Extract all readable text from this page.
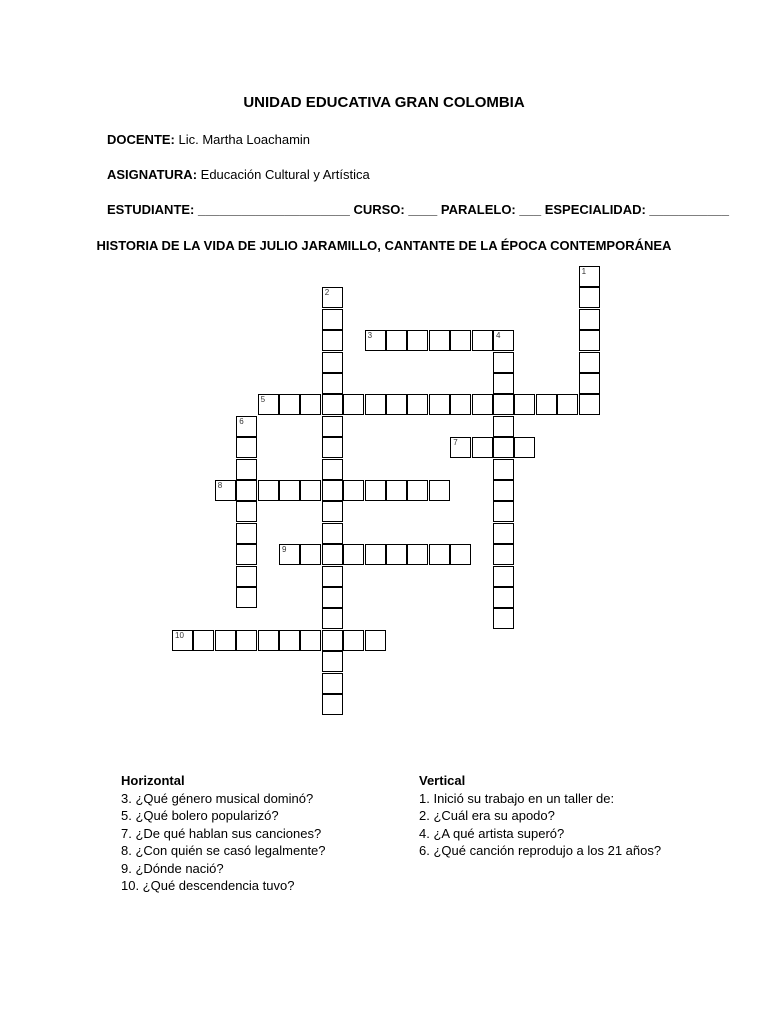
UNIDAD EDUCATIVA GRAN COLOMBIA
DOCENTE: Lic. Martha Loachamin
ASIGNATURA: Educación Cultural y Artística
ESTUDIANTE: _____________________ CURSO: ____ PARALELO: ___ ESPECIALIDAD: ___________
HISTORIA DE LA VIDA DE JULIO JARAMILLO, CANTANTE DE LA ÉPOCA CONTEMPORÁNEA
1
2
3	4
5
6
7
8
9
10
Horizontal
3. ¿Qué género musical dominó?
5. ¿Qué bolero popularizó?
7. ¿De qué hablan sus canciones?
8. ¿Con quién se casó legalmente?
9. ¿Dónde nació?
10. ¿Qué descendencia tuvo?
Vertical
1. Inició su trabajo en un taller de:
2. ¿Cuál era su apodo?
4. ¿A qué artista superó?
6. ¿Qué canción reprodujo a los 21 años?
